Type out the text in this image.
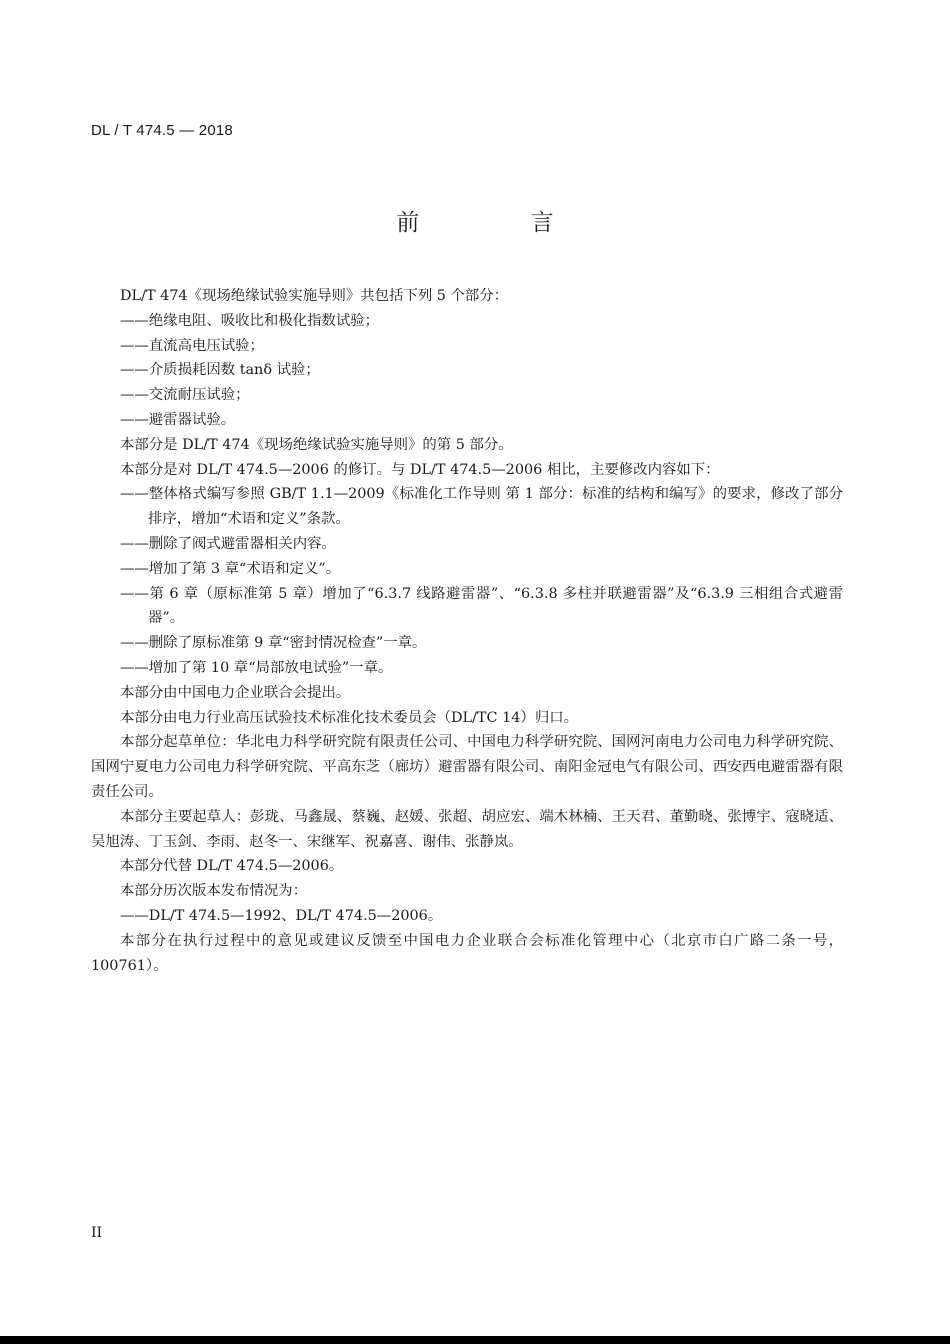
DL / T 474.5 — 2018
前 言

DL/T 474《现场绝缘试验实施导则》共包括下列 5 个部分：

——绝缘电阻、吸收比和极化指数试验；

——直流高电压试验；

——介质损耗因数 tanδ 试验；

——交流耐压试验；

——避雷器试验。

本部分是 DL/T 474《现场绝缘试验实施导则》的第 5 部分。

本部分是对 DL/T 474.5—2006 的修订。与 DL/T 474.5—2006 相比，主要修改内容如下：

——整体格式编写参照 GB/T 1.1—2009《标准化工作导则 第 1 部分：标准的结构和编写》的要求，修改了部分排序，增加“术语和定义”条款。

——删除了阀式避雷器相关内容。

——增加了第 3 章“术语和定义”。

——第 6 章（原标准第 5 章）增加了“6.3.7 线路避雷器”、“6.3.8 多柱并联避雷器”及“6.3.9 三相组合式避雷器”。

——删除了原标准第 9 章“密封情况检查”一章。

——增加了第 10 章“局部放电试验”一章。

本部分由中国电力企业联合会提出。

本部分由电力行业高压试验技术标准化技术委员会（DL/TC 14）归口。

本部分起草单位：华北电力科学研究院有限责任公司、中国电力科学研究院、国网河南电力公司电力科学研究院、国网宁夏电力公司电力科学研究院、平高东芝（廊坊）避雷器有限公司、南阳金冠电气有限公司、西安西电避雷器有限责任公司。

本部分主要起草人：彭珑、马鑫晟、蔡巍、赵媛、张超、胡应宏、端木林楠、王天君、董勤晓、张博宇、寇晓适、吴旭涛、丁玉剑、李雨、赵冬一、宋继军、祝嘉喜、谢伟、张静岚。

本部分代替 DL/T 474.5—2006。

本部分历次版本发布情况为：

——DL/T 474.5—1992、DL/T 474.5—2006。

本部分在执行过程中的意见或建议反馈至中国电力企业联合会标准化管理中心（北京市白广路二条一号，100761）。

II
